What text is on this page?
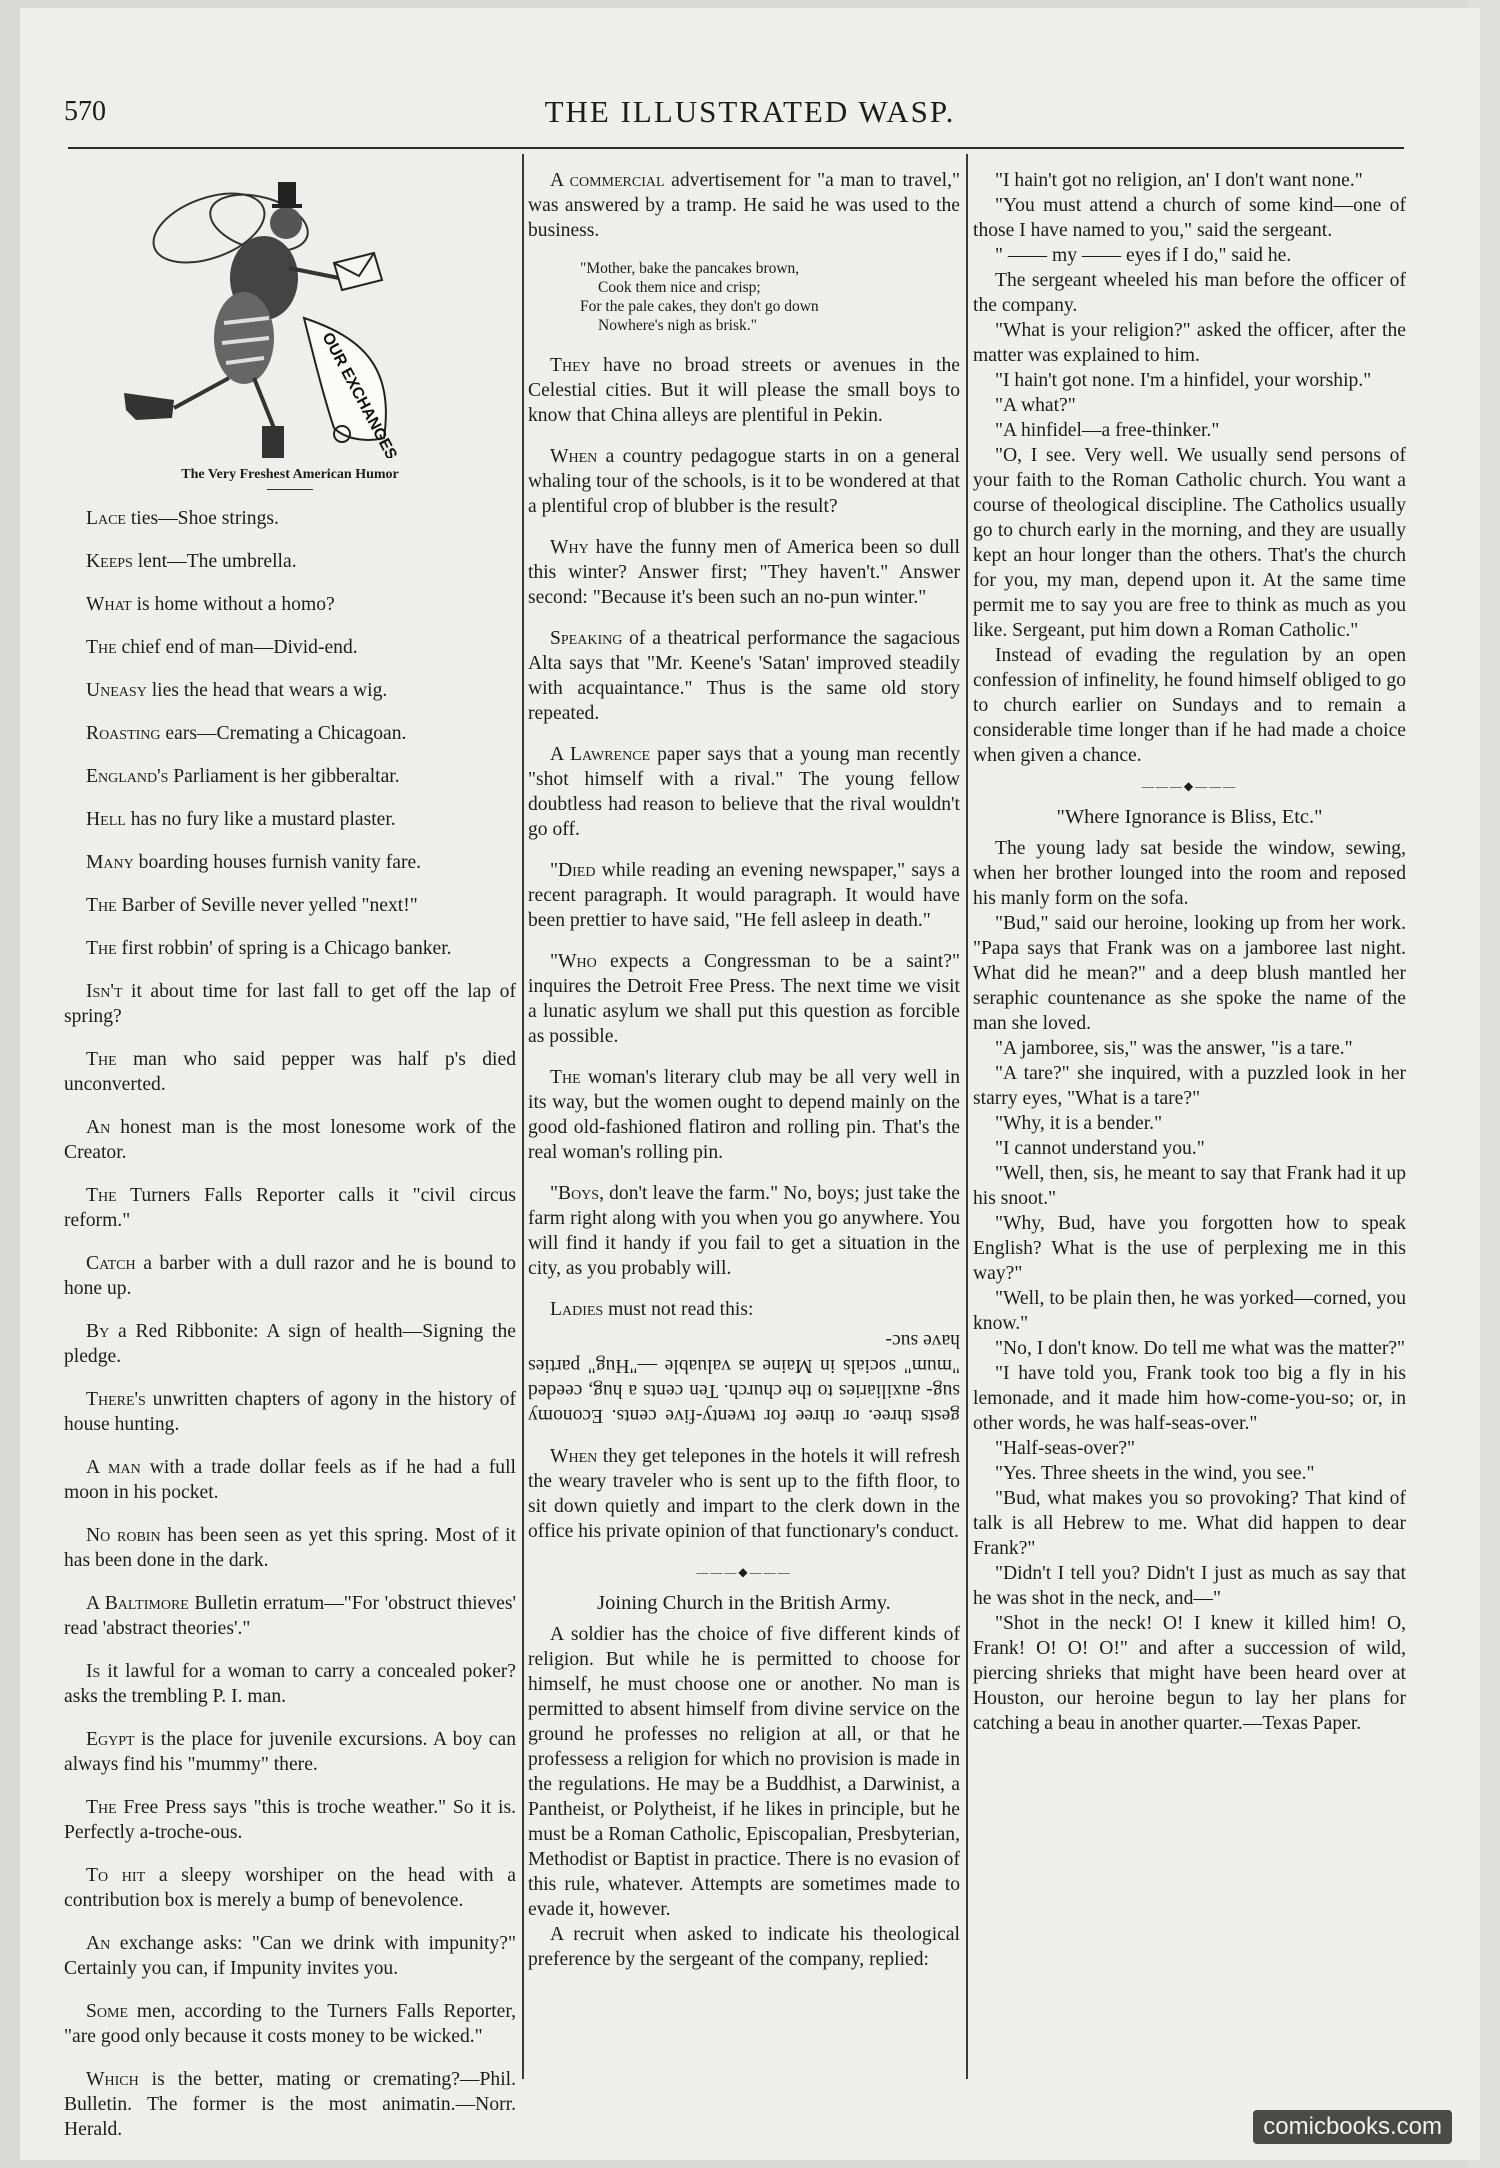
570	THE ILLUSTRATED WASP.
OUR EXCHANGES
The Very Freshest American Humor

Lace ties—Shoe strings.

Keeps lent—The umbrella.

What is home without a homo?

The chief end of man—Divid-end.

Uneasy lies the head that wears a wig.

Roasting ears—Cremating a Chicagoan.

England's Parliament is her gibberaltar.

Hell has no fury like a mustard plaster.

Many boarding houses furnish vanity fare.

The Barber of Seville never yelled "next!"

The first robbin' of spring is a Chicago banker.

Isn't it about time for last fall to get off the lap of spring?

The man who said pepper was half p's died unconverted.

An honest man is the most lonesome work of the Creator.

The Turners Falls Reporter calls it "civil circus reform."

Catch a barber with a dull razor and he is bound to hone up.

By a Red Ribbonite: A sign of health—Signing the pledge.

There's unwritten chapters of agony in the history of house hunting.

A man with a trade dollar feels as if he had a full moon in his pocket.

No robin has been seen as yet this spring. Most of it has been done in the dark.

A Baltimore Bulletin erratum—"For 'obstruct thieves' read 'abstract theories'."

Is it lawful for a woman to carry a concealed poker? asks the trembling P. I. man.

Egypt is the place for juvenile excursions. A boy can always find his "mummy" there.

The Free Press says "this is troche weather." So it is. Perfectly a-troche-ous.

To hit a sleepy worshiper on the head with a contribution box is merely a bump of benevolence.

An exchange asks: "Can we drink with impunity?" Certainly you can, if Impunity invites you.

Some men, according to the Turners Falls Reporter, "are good only because it costs money to be wicked."

Which is the better, mating or cremating?—Phil. Bulletin. The former is the most animatin.—Norr. Herald.

A commercial advertisement for "a man to travel," was answered by a tramp. He said he was used to the business.

"Mother, bake the pancakes brown,
Cook them nice and crisp;
For the pale cakes, they don't go down
Nowhere's nigh as brisk."

They have no broad streets or avenues in the Celestial cities. But it will please the small boys to know that China alleys are plentiful in Pekin.

When a country pedagogue starts in on a general whaling tour of the schools, is it to be wondered at that a plentiful crop of blubber is the result?

Why have the funny men of America been so dull this winter? Answer first; "They haven't." Answer second: "Because it's been such an no-pun winter."

Speaking of a theatrical performance the sagacious Alta says that "Mr. Keene's 'Satan' improved steadily with acquaintance." Thus is the same old story repeated.

A Lawrence paper says that a young man recently "shot himself with a rival." The young fellow doubtless had reason to believe that the rival wouldn't go off.

"Died while reading an evening newspaper," says a recent paragraph. It would paragraph. It would have been prettier to have said, "He fell asleep in death."

"Who expects a Congressman to be a saint?" inquires the Detroit Free Press. The next time we visit a lunatic asylum we shall put this question as forcible as possible.

The woman's literary club may be all very well in its way, but the women ought to depend mainly on the good old-fashioned flatiron and rolling pin. That's the real woman's rolling pin.

"Boys, don't leave the farm." No, boys; just take the farm right along with you when you go anywhere. You will find it handy if you fail to get a situation in the city, as you probably will.

Ladies must not read this:

gests three. or three for twenty-five cents. Economy sug- auxiliaries to the church. Ten cents a hug, ceeded "mum" socials in Maine as valuable —"Hug" parties have suc-

When they get telepones in the hotels it will refresh the weary traveler who is sent up to the fifth floor, to sit down quietly and impart to the clerk down in the office his private opinion of that functionary's conduct.

———◆———
Joining Church in the British Army.

A soldier has the choice of five different kinds of religion. But while he is permitted to choose for himself, he must choose one or another. No man is permitted to absent himself from divine service on the ground he professes no religion at all, or that he professess a religion for which no provision is made in the regulations. He may be a Buddhist, a Darwinist, a Pantheist, or Polytheist, if he likes in principle, but he must be a Roman Catholic, Episcopalian, Presbyterian, Methodist or Baptist in practice. There is no evasion of this rule, whatever. Attempts are sometimes made to evade it, however.

A recruit when asked to indicate his theological preference by the sergeant of the company, replied:

"I hain't got no religion, an' I don't want none."

"You must attend a church of some kind—one of those I have named to you," said the sergeant.

" —— my —— eyes if I do," said he.

The sergeant wheeled his man before the officer of the company.

"What is your religion?" asked the officer, after the matter was explained to him.

"I hain't got none. I'm a hinfidel, your worship."

"A what?"

"A hinfidel—a free-thinker."

"O, I see. Very well. We usually send persons of your faith to the Roman Catholic church. You want a course of theological discipline. The Catholics usually go to church early in the morning, and they are usually kept an hour longer than the others. That's the church for you, my man, depend upon it. At the same time permit me to say you are free to think as much as you like. Sergeant, put him down a Roman Catholic."

Instead of evading the regulation by an open confession of infinelity, he found himself obliged to go to church earlier on Sundays and to remain a considerable time longer than if he had made a choice when given a chance.

———◆———
"Where Ignorance is Bliss, Etc."

The young lady sat beside the window, sewing, when her brother lounged into the room and reposed his manly form on the sofa.

"Bud," said our heroine, looking up from her work. "Papa says that Frank was on a jamboree last night. What did he mean?" and a deep blush mantled her seraphic countenance as she spoke the name of the man she loved.

"A jamboree, sis," was the answer, "is a tare."

"A tare?" she inquired, with a puzzled look in her starry eyes, "What is a tare?"

"Why, it is a bender."

"I cannot understand you."

"Well, then, sis, he meant to say that Frank had it up his snoot."

"Why, Bud, have you forgotten how to speak English? What is the use of perplexing me in this way?"

"Well, to be plain then, he was yorked—corned, you know."

"No, I don't know. Do tell me what was the matter?"

"I have told you, Frank took too big a fly in his lemonade, and it made him how-come-you-so; or, in other words, he was half-seas-over."

"Half-seas-over?"

"Yes. Three sheets in the wind, you see."

"Bud, what makes you so provoking? That kind of talk is all Hebrew to me. What did happen to dear Frank?"

"Didn't I tell you? Didn't I just as much as say that he was shot in the neck, and—"

"Shot in the neck! O! I knew it killed him! O, Frank! O! O! O!" and after a succession of wild, piercing shrieks that might have been heard over at Houston, our heroine begun to lay her plans for catching a beau in another quarter.—Texas Paper.

comicbooks.com
